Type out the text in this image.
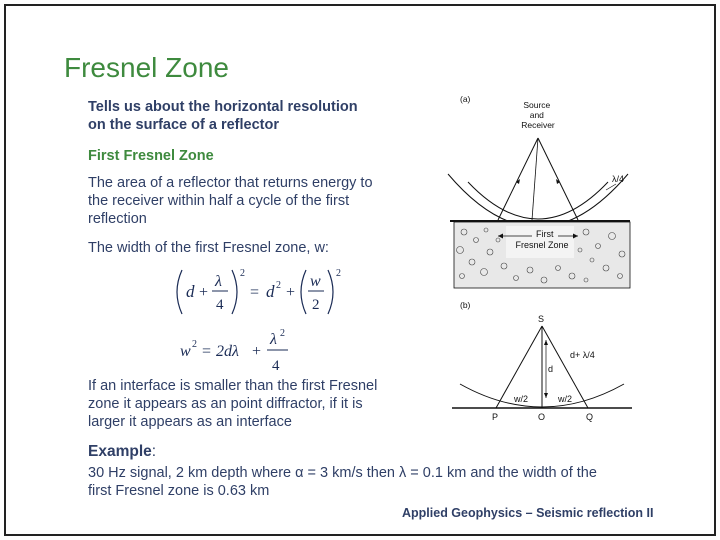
Fresnel Zone
Tells us about the horizontal resolution
on the surface of a reflector
First Fresnel Zone
The area of a reflector that returns energy to
the receiver within half a cycle of the first
reflection
The width of the first Fresnel zone, w:
d +
λ
4
2
= d 2 +
w
2
2
w 2 = 2dλ +
λ 2
4
If an interface is smaller than the first Fresnel
zone it appears as an point diffractor, if it is
larger it appears as an interface
Example:
30 Hz signal, 2 km depth where α = 3 km/s then λ = 0.1 km and the width of the
first Fresnel zone is 0.63 km
Applied Geophysics – Seismic reflection II
(a)
Source and Receiver
λ/4
First Fresnel Zone
(b)
S
d
d+ λ/4
w/2	w/2
P	O	Q
